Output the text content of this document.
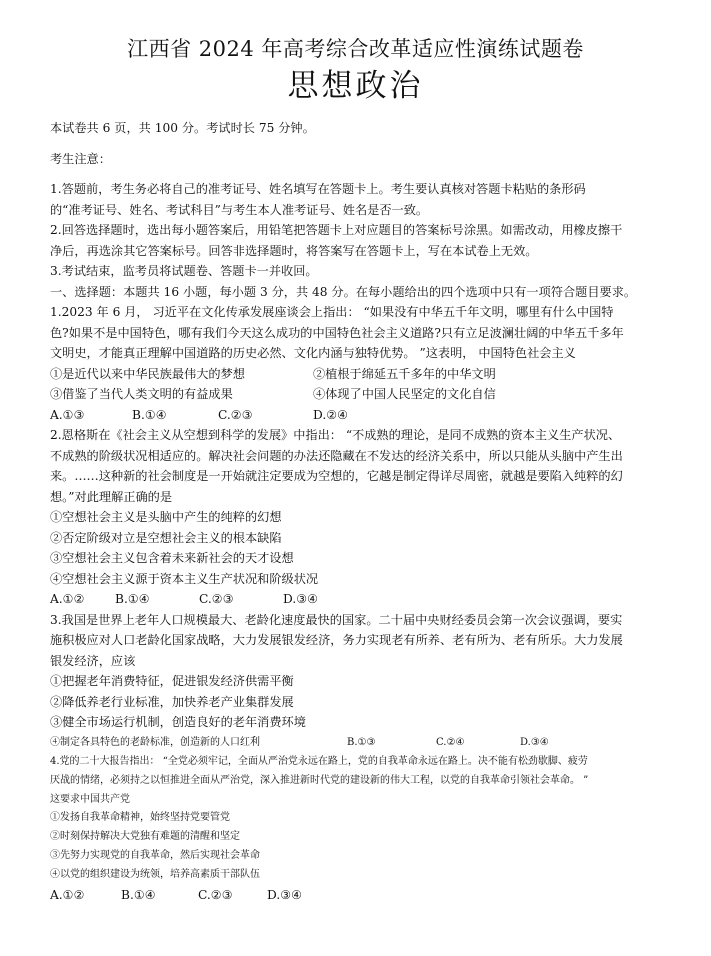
江西省 2024 年高考综合改革适应性演练试题卷
思想政治
本试卷共 6 页，共 100 分。考试时长 75 分钟。
考生注意：
1.答题前，考生务必将自己的准考证号、姓名填写在答题卡上。考生要认真核对答题卡粘贴的条形码
的“准考证号、姓名、考试科目”与考生本人准考证号、姓名是否一致。
2.回答选择题时，选出每小题答案后，用铅笔把答题卡上对应题目的答案标号涂黑。如需改动，用橡皮擦干
净后，再选涂其它答案标号。回答非选择题时，将答案写在答题卡上，写在本试卷上无效。
3.考试结束，监考员将试题卷、答题卡一并收回。
一、选择题：本题共 16 小题，每小题 3 分，共 48 分。在每小题给出的四个选项中只有一项符合题目要求。
1.2023 年 6 月， 习近平在文化传承发展座谈会上指出： “如果没有中华五千年文明，哪里有什么中国特
色?如果不是中国特色，哪有我们今天这么成功的中国特色社会主义道路?只有立足波澜壮阔的中华五千多年
文明史，才能真正理解中国道路的历史必然、文化内涵与独特优势。 ”这表明， 中国特色社会主义
①是近代以来中华民族最伟大的梦想	②植根于绵延五千多年的中华文明
③借鉴了当代人类文明的有益成果	④体现了中国人民坚定的文化自信
A.①③	B.①④	C.②③	D.②④
2.恩格斯在《社会主义从空想到科学的发展》中指出： “不成熟的理论，是同不成熟的资本主义生产状况、
不成熟的阶级状况相适应的。解决社会问题的办法还隐藏在不发达的经济关系中，所以只能从头脑中产生出
来。……这种新的社会制度是一开始就注定要成为空想的，它越是制定得详尽周密，就越是要陷入纯粹的幻
想。”对此理解正确的是
①空想社会主义是头脑中产生的纯粹的幻想
②否定阶级对立是空想社会主义的根本缺陷
③空想社会主义包含着未来新社会的天才设想
④空想社会主义源于资本主义生产状况和阶级状况
A.①②	B.①④	C.②③	D.③④
3.我国是世界上老年人口规模最大、老龄化速度最快的国家。二十届中央财经委员会第一次会议强调，要实
施积极应对人口老龄化国家战略，大力发展银发经济，务力实现老有所养、老有所为、老有所乐。大力发展
银发经济，应该
①把握老年消费特征，促进银发经济供需平衡
②降低养老行业标准，加快养老产业集群发展
③健全市场运行机制，创造良好的老年消费环境
④制定各具特色的老龄标准，创造新的人口红利	B.①③	C.②④	D.③④
4.党的二十大报告指出： “全党必须牢记，全面从严治党永远在路上，党的自我革命永远在路上。决不能有松劲歇脚、疲劳
厌战的情绪，必须持之以恒推进全面从严治党，深入推进新时代党的建设新的伟大工程，以党的自我革命引领社会革命。 ”
这要求中国共产党
①发扬自我革命精神，始终坚持党要管党
②时刻保持解决大党独有难题的清醒和坚定
③先努力实现党的自我革命，然后实现社会革命
④以党的组织建设为统领，培养高素质干部队伍
A.①②	B.①④	C.②③	D.③④
